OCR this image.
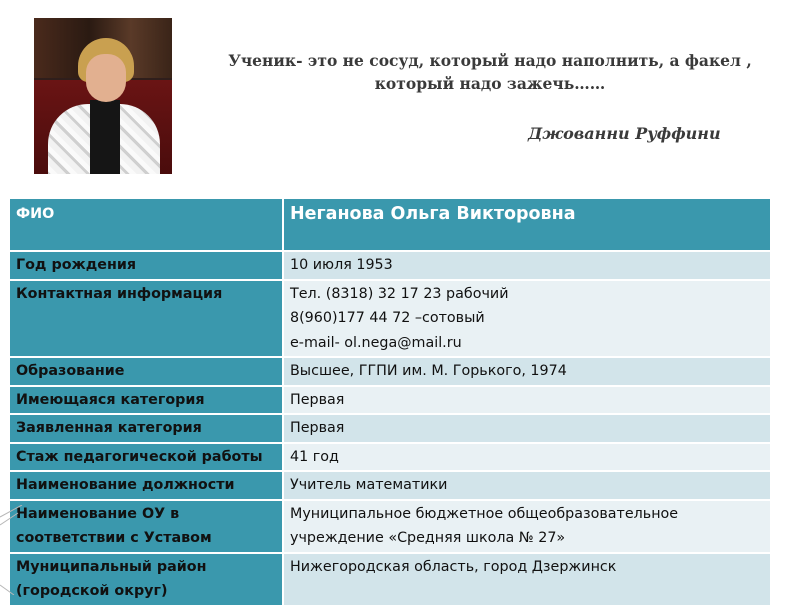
Ученик- это не сосуд, который надо наполнить, а факел ,
который надо зажечь……
Джованни Руффини
ФИО	Неганова Ольга Викторовна

Год рождения	10 июля 1953

Контактная информация	Тел. (8318) 32 17 23 рабочий
8(960)177 44 72 –сотовый
e-mail- ol.nega@mail.ru

Образование	Высшее, ГГПИ им. М. Горького, 1974

Имеющаяся категория	Первая

Заявленная категория	Первая

Стаж педагогической работы	41 год

Наименование должности	Учитель математики

Наименование ОУ в соответствии с Уставом	Муниципальное бюджетное общеобразовательное учреждение «Средняя школа № 27»

Муниципальный район (городской округ)	Нижегородская область, город Дзержинск
